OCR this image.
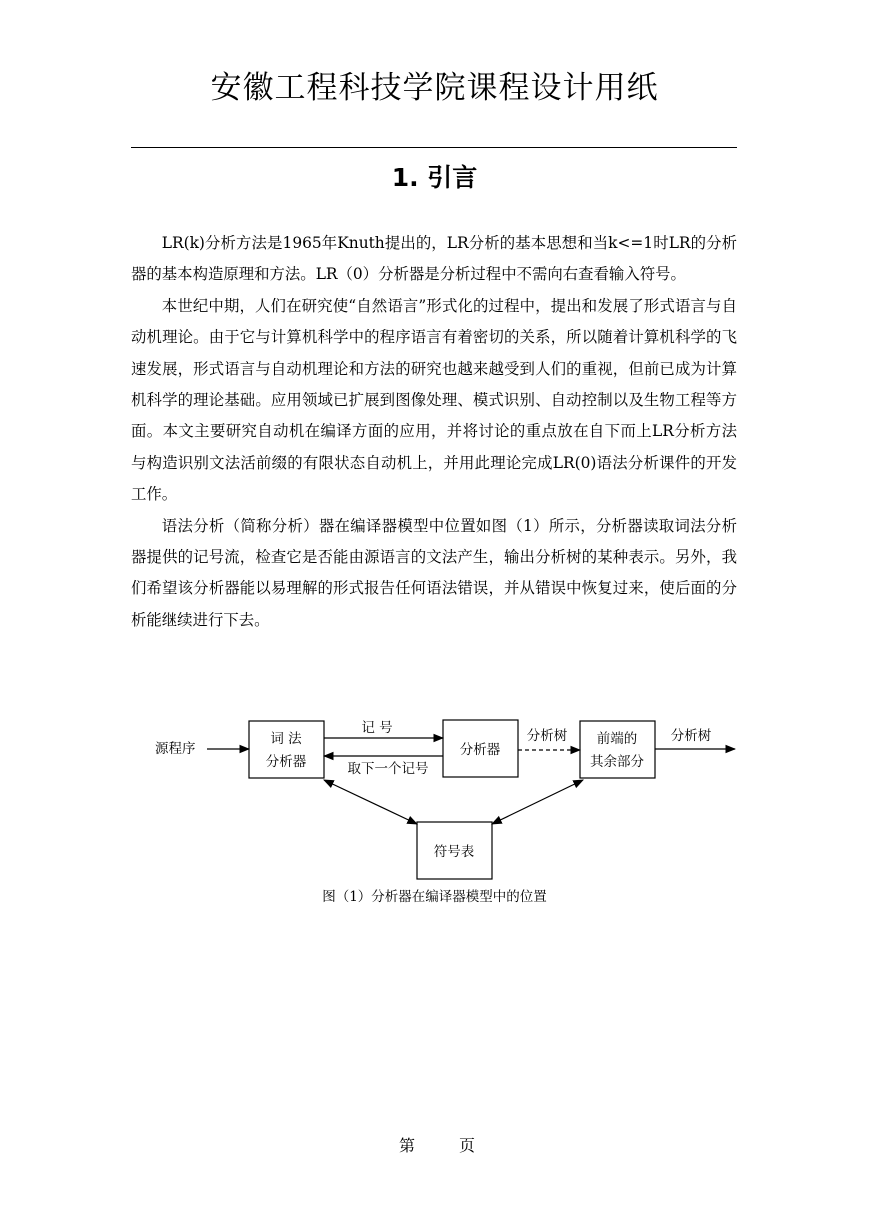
安徽工程科技学院课程设计用纸
1. 引言

LR(k)分析方法是1965年Knuth提出的，LR分析的基本思想和当k<=1时LR的分析器的基本构造原理和方法。LR（0）分析器是分析过程中不需向右查看输入符号。

本世纪中期，人们在研究使“自然语言”形式化的过程中，提出和发展了形式语言与自动机理论。由于它与计算机科学中的程序语言有着密切的关系，所以随着计算机科学的飞速发展，形式语言与自动机理论和方法的研究也越来越受到人们的重视，但前已成为计算机科学的理论基础。应用领域已扩展到图像处理、模式识别、自动控制以及生物工程等方面。本文主要研究自动机在编译方面的应用，并将讨论的重点放在自下而上LR分析方法与构造识别文法活前缀的有限状态自动机上，并用此理论完成LR(0)语法分析课件的开发工作。

语法分析（简称分析）器在编译器模型中位置如图（1）所示，分析器读取词法分析器提供的记号流，检查它是否能由源语言的文法产生，输出分析树的某种表示。另外，我们希望该分析器能以易理解的形式报告任何语法错误，并从错误中恢复过来，使后面的分析能继续进行下去。

源程序
词 法
分析器
记 号
取下一个记号
分析器
分析树 前端的
其余部分
分析树
符号表
图（1）分析器在编译器模型中的位置
第	页
